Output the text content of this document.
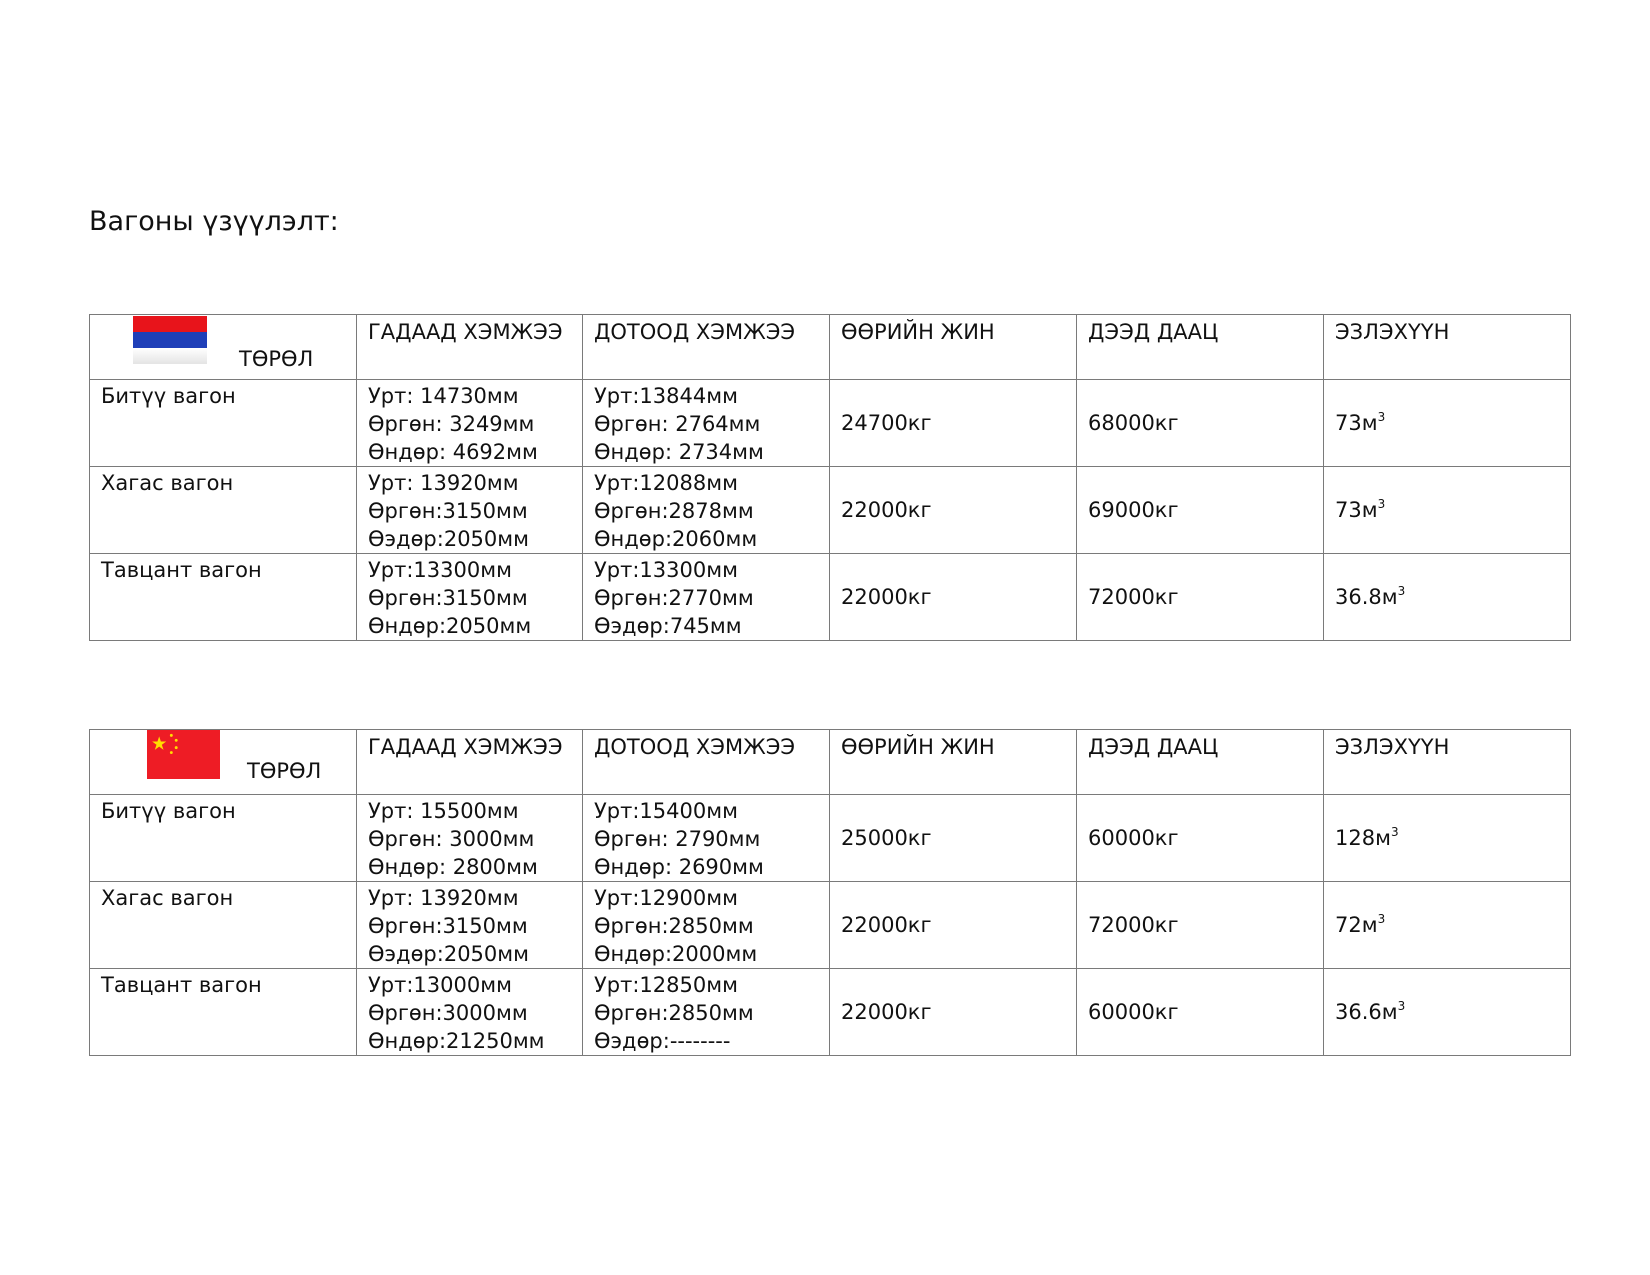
Вагоны үзүүлэлт:
ТӨРӨЛ	ГАДААД ХЭМЖЭЭ	ДОТООД ХЭМЖЭЭ	ӨӨРИЙН ЖИН	ДЭЭД ДААЦ	ЭЗЛЭХҮҮН

Битүү вагон	Урт: 14730мм
Өргөн: 3249мм
Өндөр: 4692мм	Урт:13844мм
Өргөн: 2764мм
Өндөр: 2734мм	24700кг	68000кг	$73м^3$
Хагас вагон	Урт: 13920мм
Өргөн:3150мм
Өэдөр:2050мм	Урт:12088мм
Өргөн:2878мм
Өндөр:2060мм	22000кг	69000кг	$73м^3$
Тавцант вагон	Урт:13300мм
Өргөн:3150мм
Өндөр:2050мм	Урт:13300мм
Өргөн:2770мм
Өэдөр:745мм	22000кг	72000кг	$36.8м^3$
ТӨРӨЛ	ГАДААД ХЭМЖЭЭ	ДОТООД ХЭМЖЭЭ	ӨӨРИЙН ЖИН	ДЭЭД ДААЦ	ЭЗЛЭХҮҮН

Битүү вагон	Урт: 15500мм
Өргөн: 3000мм
Өндөр: 2800мм	Урт:15400мм
Өргөн: 2790мм
Өндөр: 2690мм	25000кг	60000кг	$128м^3$
Хагас вагон	Урт: 13920мм
Өргөн:3150мм
Өэдөр:2050мм	Урт:12900мм
Өргөн:2850мм
Өндөр:2000мм	22000кг	72000кг	$72м^3$
Тавцант вагон	Урт:13000мм
Өргөн:3000мм
Өндөр:21250мм	Урт:12850мм
Өргөн:2850мм
Өэдөр:--------	22000кг	60000кг	$36.6м^3$
